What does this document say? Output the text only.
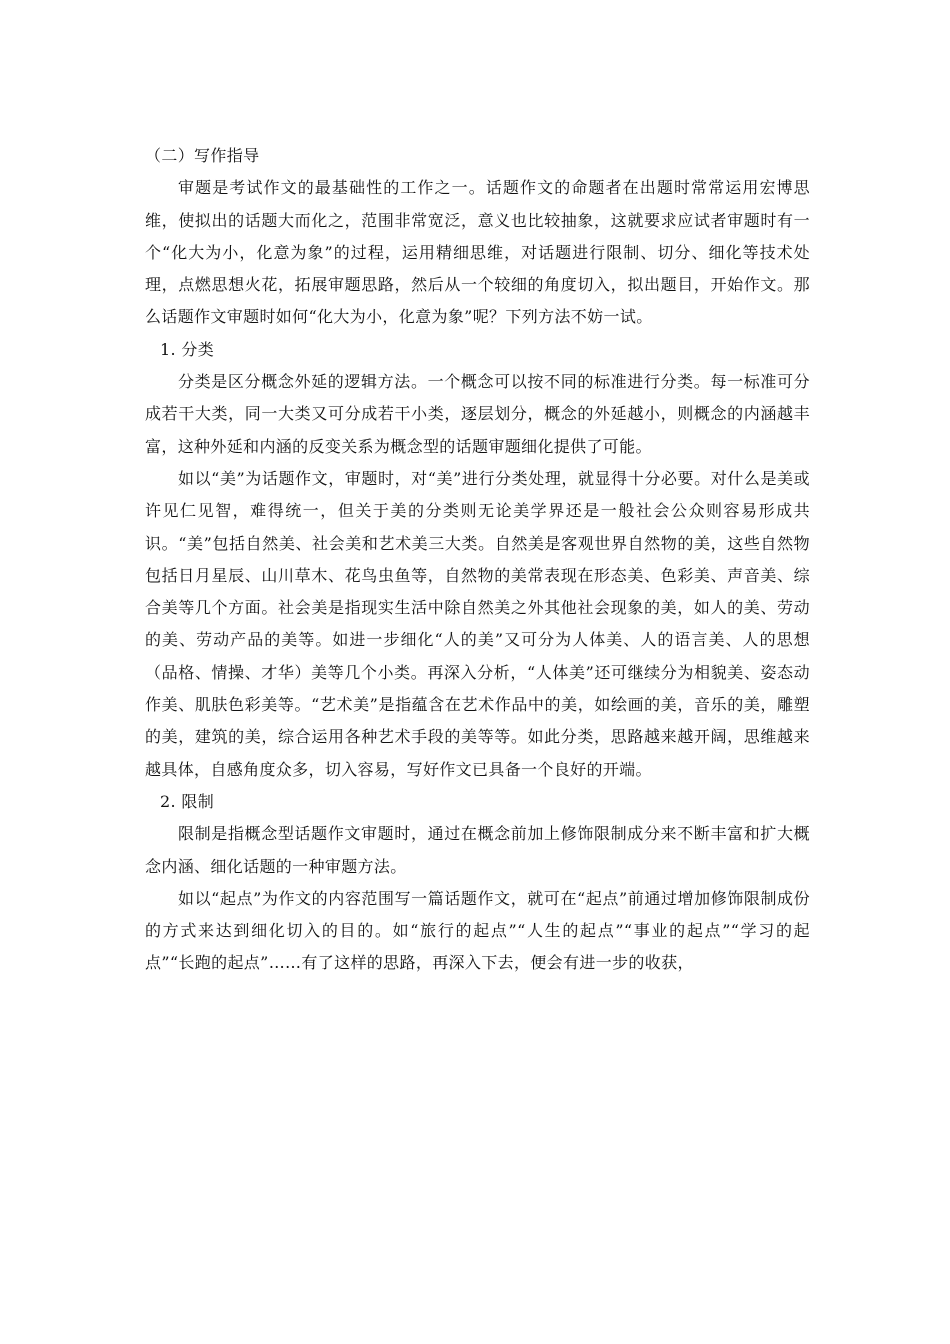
（二）写作指导

审题是考试作文的最基础性的工作之一。话题作文的命题者在出题时常常运用宏博思维，使拟出的话题大而化之，范围非常宽泛，意义也比较抽象，这就要求应试者审题时有一个“化大为小，化意为象”的过程，运用精细思维，对话题进行限制、切分、细化等技术处理，点燃思想火花，拓展审题思路，然后从一个较细的角度切入，拟出题目，开始作文。那么话题作文审题时如何“化大为小，化意为象”呢？下列方法不妨一试。

1. 分类

分类是区分概念外延的逻辑方法。一个概念可以按不同的标准进行分类。每一标准可分成若干大类，同一大类又可分成若干小类，逐层划分，概念的外延越小，则概念的内涵越丰富，这种外延和内涵的反变关系为概念型的话题审题细化提供了可能。

如以“美”为话题作文，审题时，对“美”进行分类处理，就显得十分必要。对什么是美或许见仁见智，难得统一，但关于美的分类则无论美学界还是一般社会公众则容易形成共识。“美”包括自然美、社会美和艺术美三大类。自然美是客观世界自然物的美，这些自然物包括日月星辰、山川草木、花鸟虫鱼等，自然物的美常表现在形态美、色彩美、声音美、综合美等几个方面。社会美是指现实生活中除自然美之外其他社会现象的美，如人的美、劳动的美、劳动产品的美等。如进一步细化“人的美”又可分为人体美、人的语言美、人的思想（品格、情操、才华）美等几个小类。再深入分析，“人体美”还可继续分为相貌美、姿态动作美、肌肤色彩美等。“艺术美”是指蕴含在艺术作品中的美，如绘画的美，音乐的美，雕塑的美，建筑的美，综合运用各种艺术手段的美等等。如此分类，思路越来越开阔，思维越来越具体，自感角度众多，切入容易，写好作文已具备一个良好的开端。

2. 限制

限制是指概念型话题作文审题时，通过在概念前加上修饰限制成分来不断丰富和扩大概念内涵、细化话题的一种审题方法。

如以“起点”为作文的内容范围写一篇话题作文，就可在“起点”前通过增加修饰限制成份的方式来达到细化切入的目的。如“旅行的起点”“人生的起点”“事业的起点”“学习的起点”“长跑的起点”……有了这样的思路，再深入下去，便会有进一步的收获，
